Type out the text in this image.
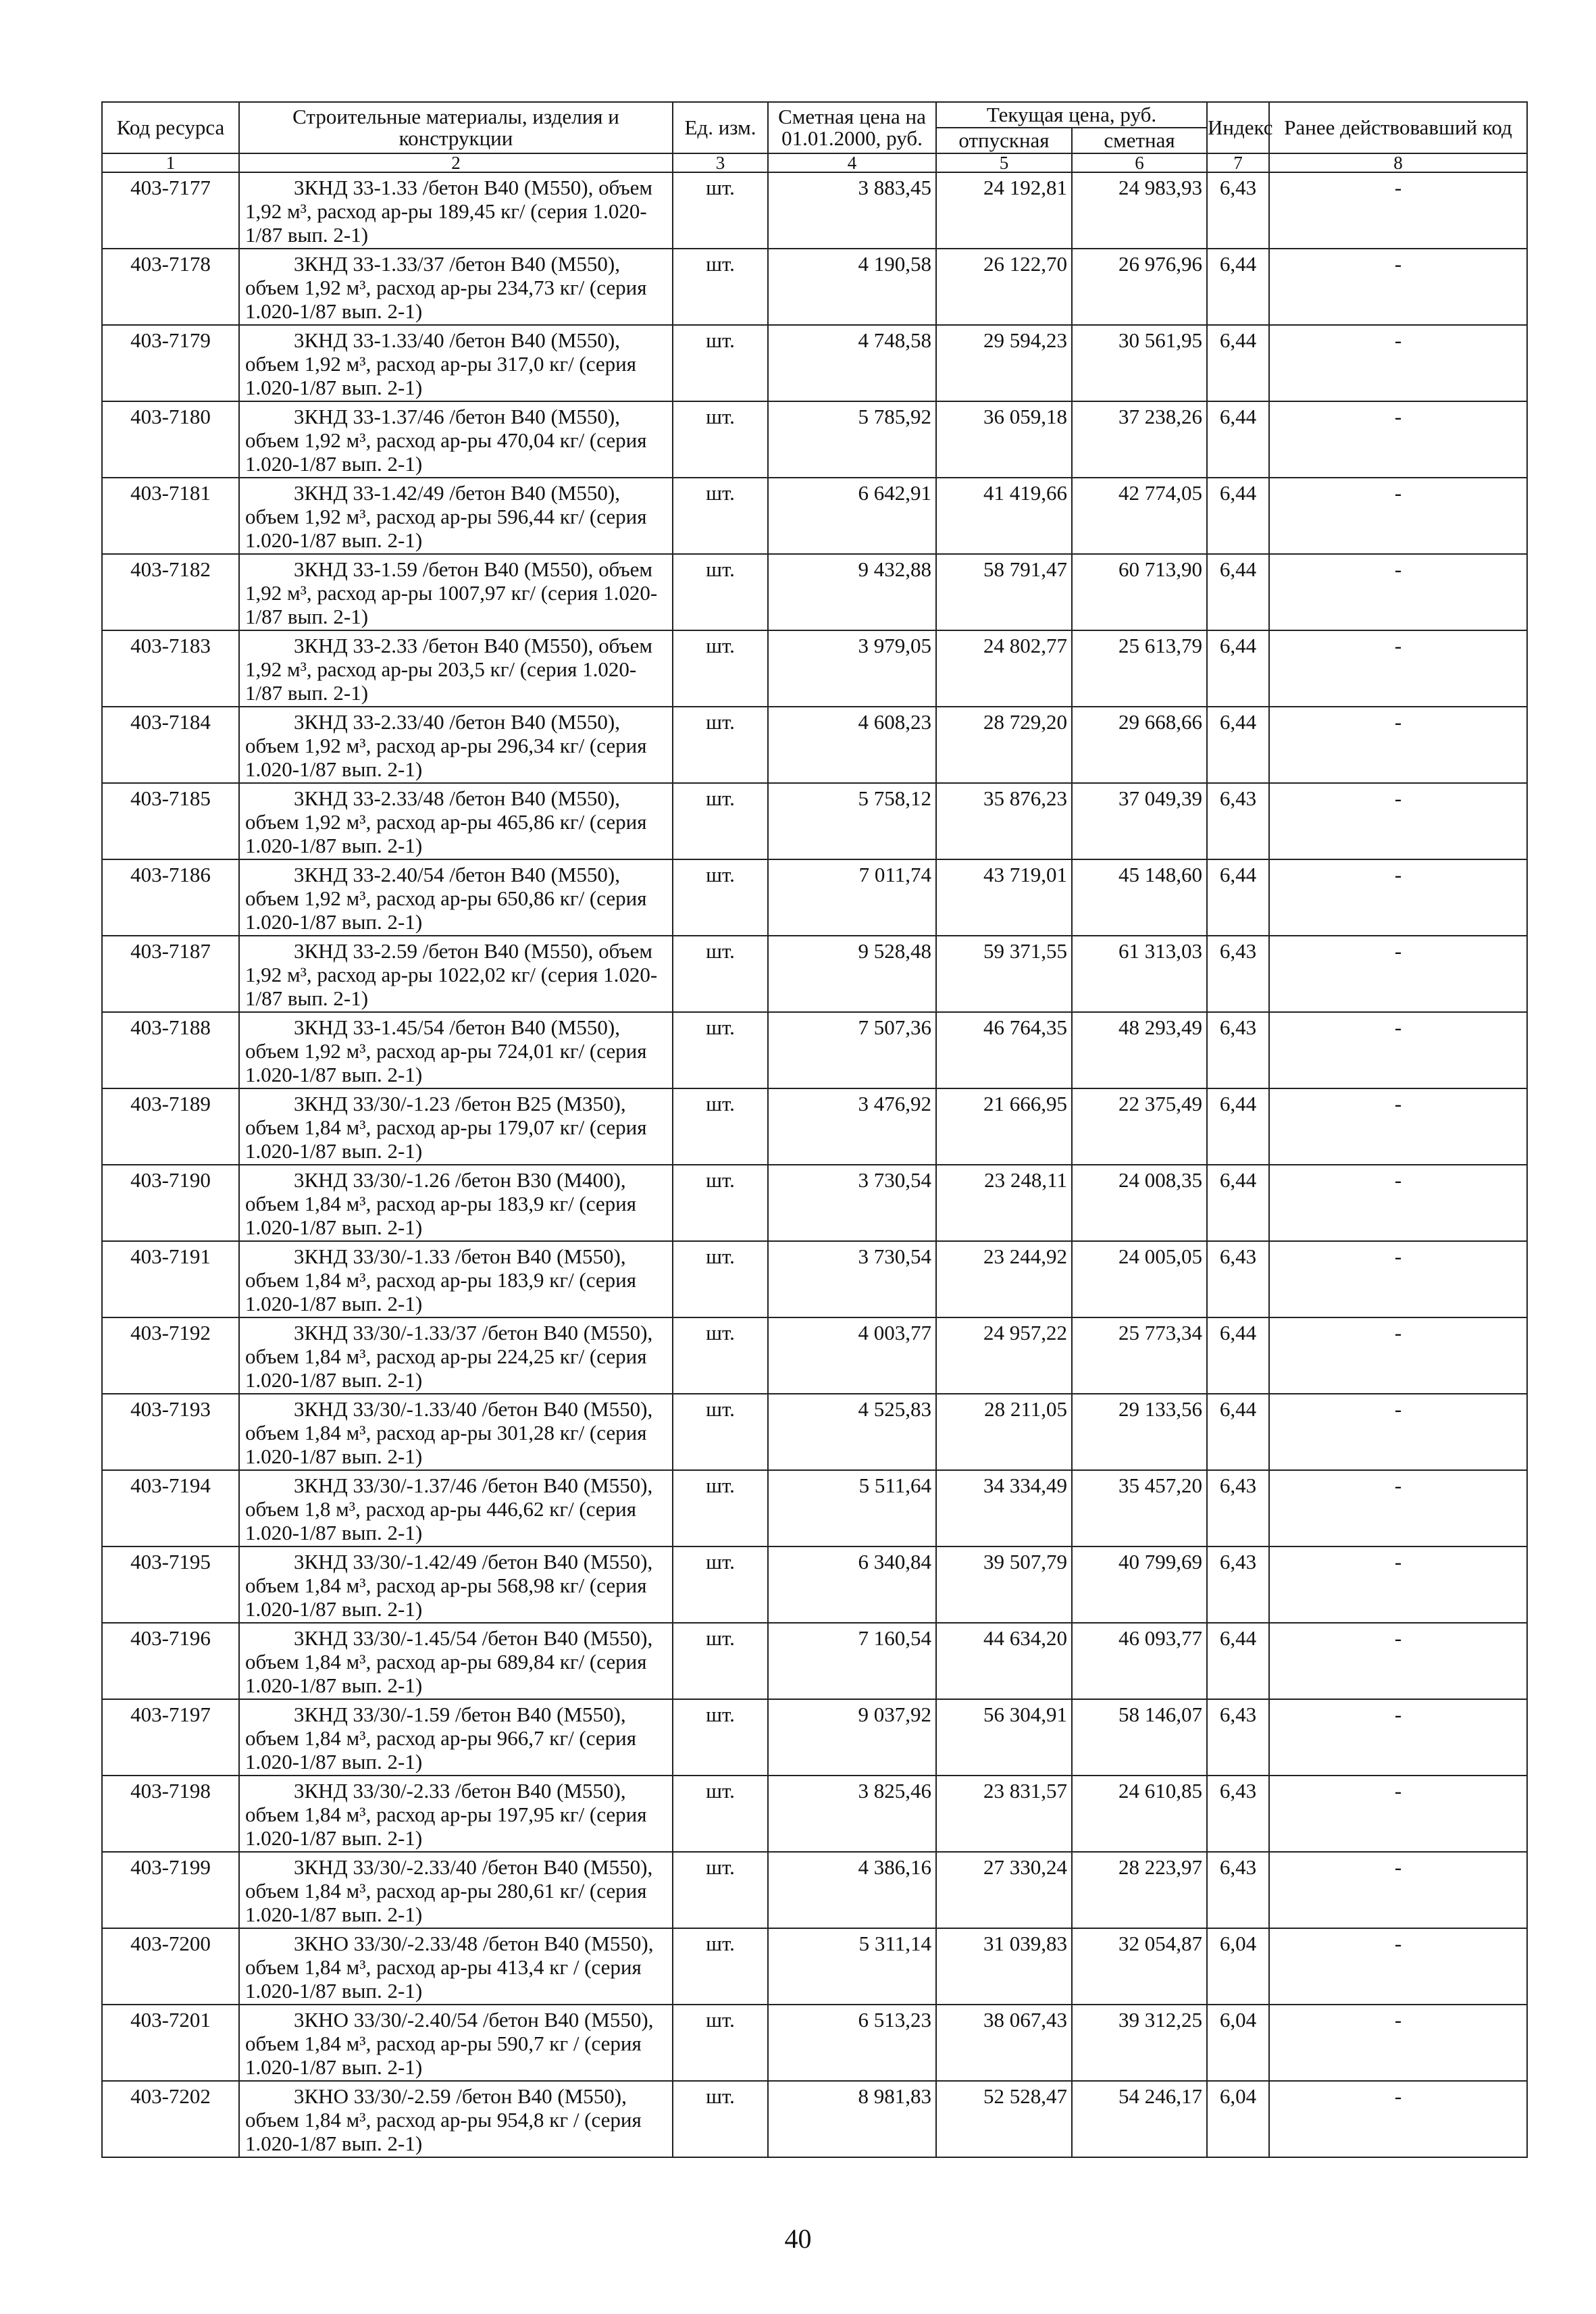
Код ресурса	Строительные материалы, изделия и конструкции	Ед. изм.	Сметная цена на 01.01.2000, руб.	Текущая цена, руб.		Индекс	Ранее действовавший код
				отпускная	сметная		
1	2	3	4	5	6	7	8
403-7177	3КНД 33-1.33 /бетон В40 (М550), объем 1,92 м³, расход ар-ры 189,45 кг/ (серия 1.020-1/87 вып. 2-1)	шт.	3 883,45	24 192,81	24 983,93	6,43	-
403-7178	3КНД 33-1.33/37 /бетон В40 (М550), объем 1,92 м³, расход ар-ры 234,73 кг/ (серия 1.020-1/87 вып. 2-1)	шт.	4 190,58	26 122,70	26 976,96	6,44	-
403-7179	3КНД 33-1.33/40 /бетон В40 (М550), объем 1,92 м³, расход ар-ры 317,0 кг/ (серия 1.020-1/87 вып. 2-1)	шт.	4 748,58	29 594,23	30 561,95	6,44	-
403-7180	3КНД 33-1.37/46 /бетон В40 (М550), объем 1,92 м³, расход ар-ры 470,04 кг/ (серия 1.020-1/87 вып. 2-1)	шт.	5 785,92	36 059,18	37 238,26	6,44	-
403-7181	3КНД 33-1.42/49 /бетон В40 (М550), объем 1,92 м³, расход ар-ры 596,44 кг/ (серия 1.020-1/87 вып. 2-1)	шт.	6 642,91	41 419,66	42 774,05	6,44	-
403-7182	3КНД 33-1.59 /бетон В40 (М550), объем 1,92 м³, расход ар-ры 1007,97 кг/ (серия 1.020-1/87 вып. 2-1)	шт.	9 432,88	58 791,47	60 713,90	6,44	-
403-7183	3КНД 33-2.33 /бетон В40 (М550), объем 1,92 м³, расход ар-ры 203,5 кг/ (серия 1.020-1/87 вып. 2-1)	шт.	3 979,05	24 802,77	25 613,79	6,44	-
403-7184	3КНД 33-2.33/40 /бетон В40 (М550), объем 1,92 м³, расход ар-ры 296,34 кг/ (серия 1.020-1/87 вып. 2-1)	шт.	4 608,23	28 729,20	29 668,66	6,44	-
403-7185	3КНД 33-2.33/48 /бетон В40 (М550), объем 1,92 м³, расход ар-ры 465,86 кг/ (серия 1.020-1/87 вып. 2-1)	шт.	5 758,12	35 876,23	37 049,39	6,43	-
403-7186	3КНД 33-2.40/54 /бетон В40 (М550), объем 1,92 м³, расход ар-ры 650,86 кг/ (серия 1.020-1/87 вып. 2-1)	шт.	7 011,74	43 719,01	45 148,60	6,44	-
403-7187	3КНД 33-2.59 /бетон В40 (М550), объем 1,92 м³, расход ар-ры 1022,02 кг/ (серия 1.020-1/87 вып. 2-1)	шт.	9 528,48	59 371,55	61 313,03	6,43	-
403-7188	3КНД 33-1.45/54 /бетон В40 (М550), объем 1,92 м³, расход ар-ры 724,01 кг/ (серия 1.020-1/87 вып. 2-1)	шт.	7 507,36	46 764,35	48 293,49	6,43	-
403-7189	3КНД 33/30/-1.23 /бетон В25 (М350), объем 1,84 м³, расход ар-ры 179,07 кг/ (серия 1.020-1/87 вып. 2-1)	шт.	3 476,92	21 666,95	22 375,49	6,44	-
403-7190	3КНД 33/30/-1.26 /бетон В30 (М400), объем 1,84 м³, расход ар-ры 183,9 кг/ (серия 1.020-1/87 вып. 2-1)	шт.	3 730,54	23 248,11	24 008,35	6,44	-
403-7191	3КНД 33/30/-1.33 /бетон В40 (М550), объем 1,84 м³, расход ар-ры 183,9 кг/ (серия 1.020-1/87 вып. 2-1)	шт.	3 730,54	23 244,92	24 005,05	6,43	-
403-7192	3КНД 33/30/-1.33/37 /бетон В40 (М550), объем 1,84 м³, расход ар-ры 224,25 кг/ (серия 1.020-1/87 вып. 2-1)	шт.	4 003,77	24 957,22	25 773,34	6,44	-
403-7193	3КНД 33/30/-1.33/40 /бетон В40 (М550), объем 1,84 м³, расход ар-ры 301,28 кг/ (серия 1.020-1/87 вып. 2-1)	шт.	4 525,83	28 211,05	29 133,56	6,44	-
403-7194	3КНД 33/30/-1.37/46 /бетон В40 (М550), объем 1,8 м³, расход ар-ры 446,62 кг/ (серия 1.020-1/87 вып. 2-1)	шт.	5 511,64	34 334,49	35 457,20	6,43	-
403-7195	3КНД 33/30/-1.42/49 /бетон В40 (М550), объем 1,84 м³, расход ар-ры 568,98 кг/ (серия 1.020-1/87 вып. 2-1)	шт.	6 340,84	39 507,79	40 799,69	6,43	-
403-7196	3КНД 33/30/-1.45/54 /бетон В40 (М550), объем 1,84 м³, расход ар-ры 689,84 кг/ (серия 1.020-1/87 вып. 2-1)	шт.	7 160,54	44 634,20	46 093,77	6,44	-
403-7197	3КНД 33/30/-1.59 /бетон В40 (М550), объем 1,84 м³, расход ар-ры 966,7 кг/ (серия 1.020-1/87 вып. 2-1)	шт.	9 037,92	56 304,91	58 146,07	6,43	-
403-7198	3КНД 33/30/-2.33 /бетон В40 (М550), объем 1,84 м³, расход ар-ры 197,95 кг/ (серия 1.020-1/87 вып. 2-1)	шт.	3 825,46	23 831,57	24 610,85	6,43	-
403-7199	3КНД 33/30/-2.33/40 /бетон В40 (М550), объем 1,84 м³, расход ар-ры 280,61 кг/ (серия 1.020-1/87 вып. 2-1)	шт.	4 386,16	27 330,24	28 223,97	6,43	-
403-7200	3КНО 33/30/-2.33/48 /бетон В40 (М550), объем 1,84 м³, расход ар-ры 413,4 кг / (серия 1.020-1/87 вып. 2-1)	шт.	5 311,14	31 039,83	32 054,87	6,04	-
403-7201	3КНО 33/30/-2.40/54 /бетон В40 (М550), объем 1,84 м³, расход ар-ры 590,7 кг / (серия 1.020-1/87 вып. 2-1)	шт.	6 513,23	38 067,43	39 312,25	6,04	-
403-7202	3КНО 33/30/-2.59 /бетон В40 (М550), объем 1,84 м³, расход ар-ры 954,8 кг / (серия 1.020-1/87 вып. 2-1)	шт.	8 981,83	52 528,47	54 246,17	6,04	-
40
